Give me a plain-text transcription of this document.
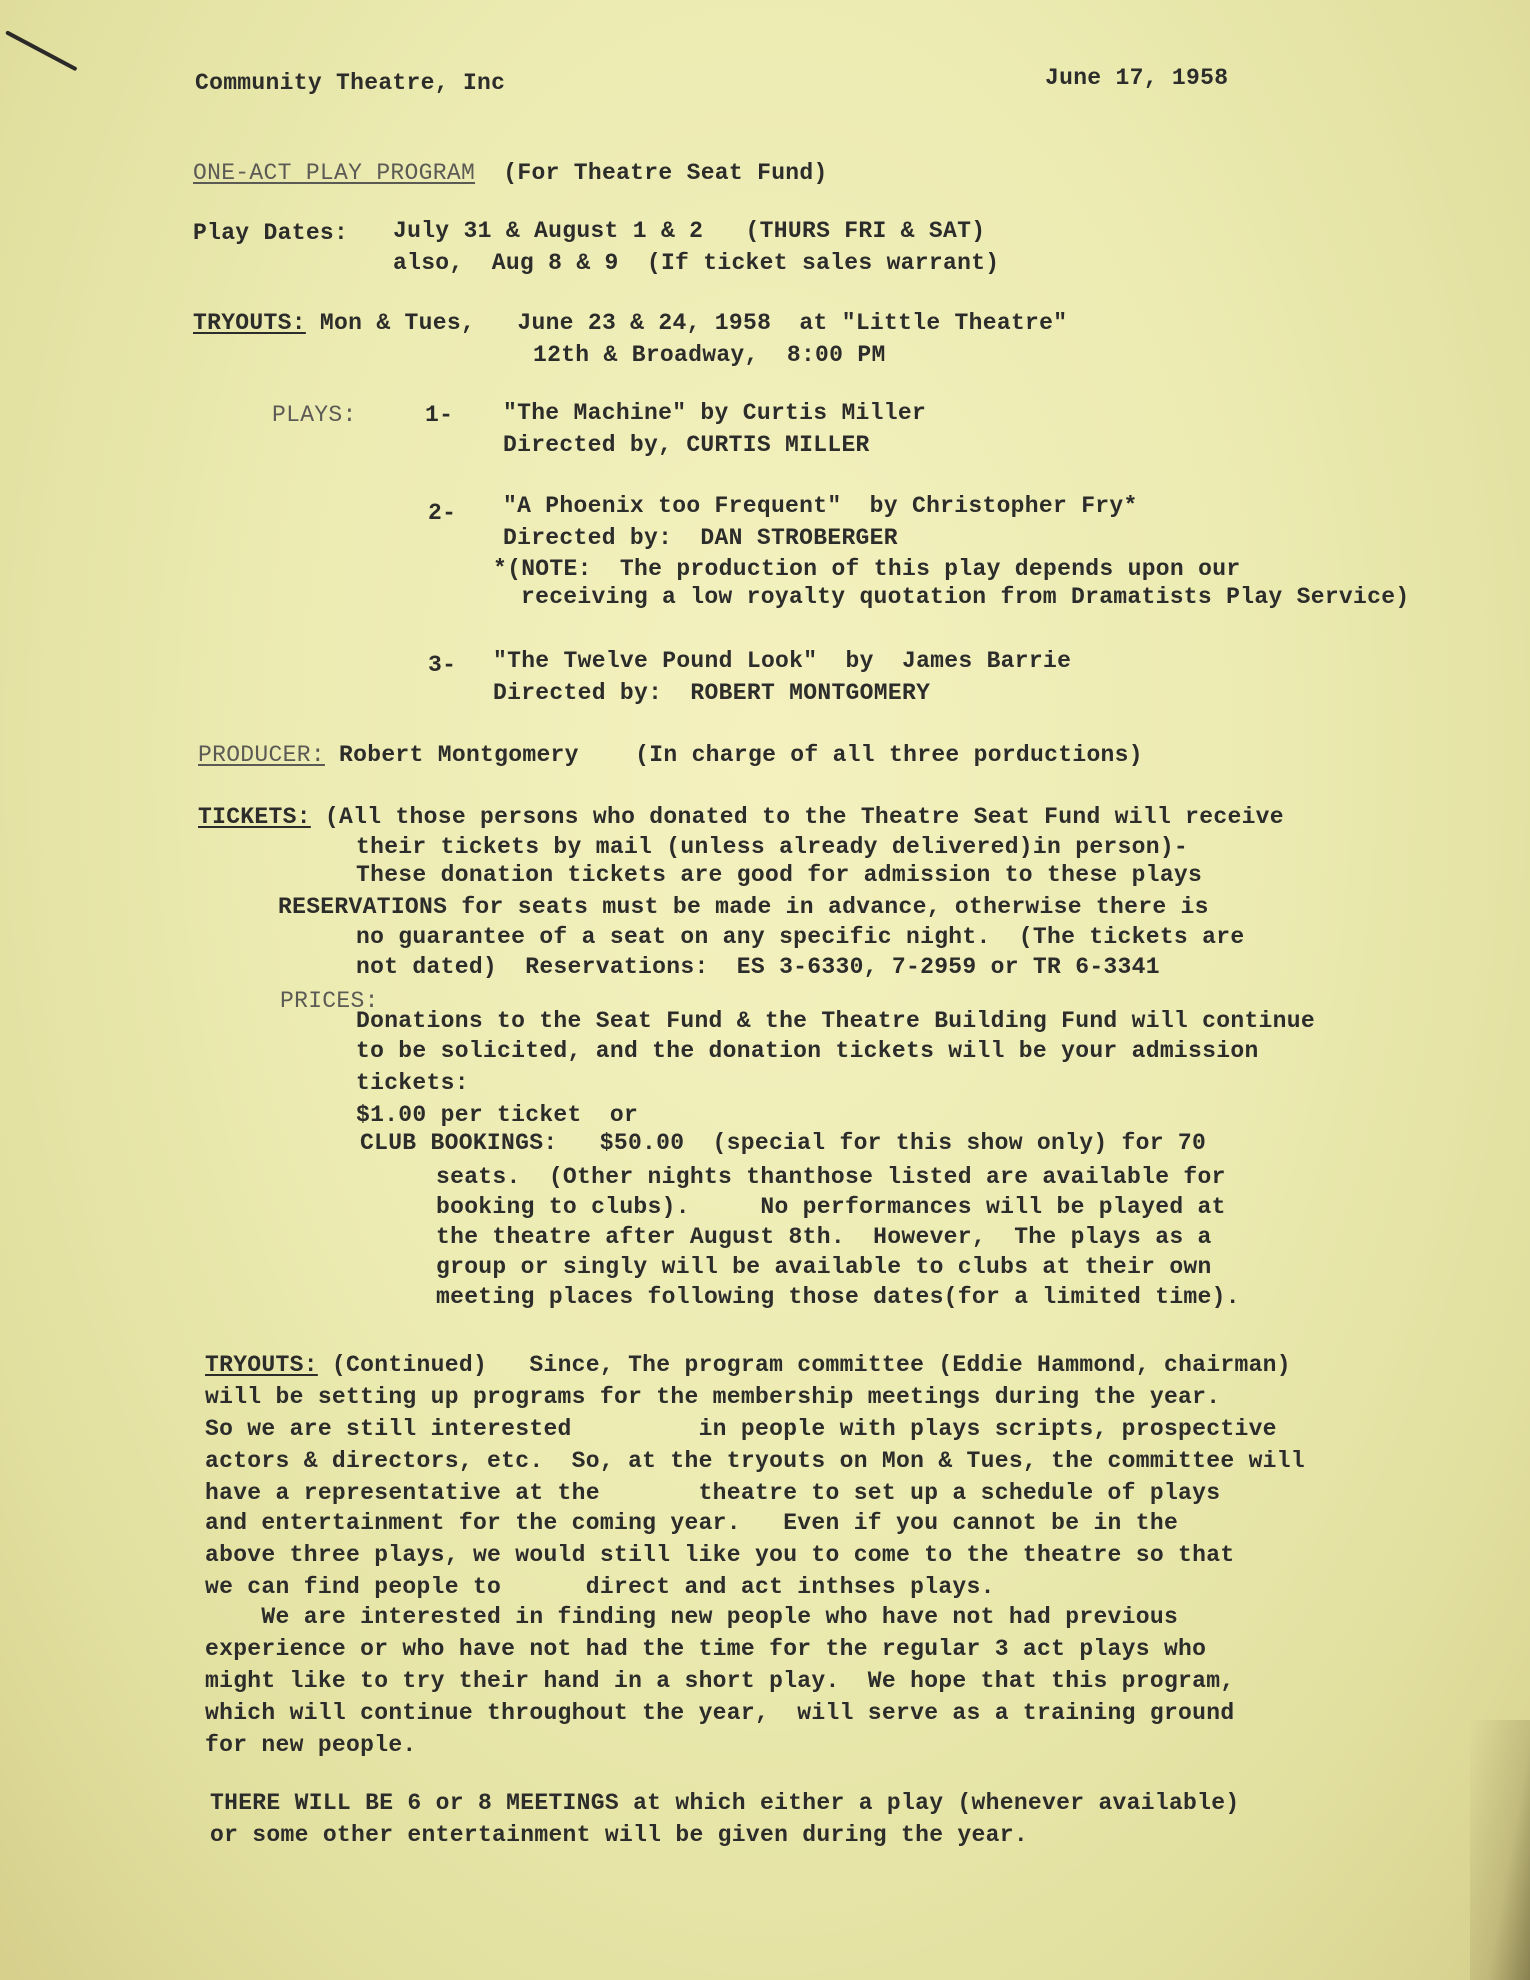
Community Theatre, Inc	June 17, 1958
ONE-ACT PLAY PROGRAM (For Theatre Seat Fund)
Play Dates: July 31 & August 1 & 2   (THURS FRI & SAT)
also,  Aug 8 & 9  (If ticket sales warrant)
TRYOUTS: Mon & Tues,   June 23 & 24, 1958  at "Little Theatre"
12th & Broadway,  8:00 PM
PLAYS:	1- "The Machine" by Curtis Miller
Directed by, CURTIS MILLER
2- "A Phoenix too Frequent"  by Christopher Fry*
Directed by:  DAN STROBERGER
*(NOTE:  The production of this play depends upon our
receiving a low royalty quotation from Dramatists Play Service)
3- "The Twelve Pound Look"  by  James Barrie
Directed by:  ROBERT MONTGOMERY
PRODUCER: Robert Montgomery    (In charge of all three porductions)
TICKETS: (All those persons who donated to the Theatre Seat Fund will receive
their tickets by mail (unless already delivered)in person)-
These donation tickets are good for admission to these plays
RESERVATIONS for seats must be made in advance, otherwise there is
no guarantee of a seat on any specific night.  (The tickets are
not dated)  Reservations:  ES 3-6330, 7-2959 or TR 6-3341
PRICES:
Donations to the Seat Fund & the Theatre Building Fund will continue
to be solicited, and the donation tickets will be your admission
tickets:
$1.00 per ticket  or
CLUB BOOKINGS:   $50.00  (special for this show only) for 70
seats.  (Other nights thanthose listed are available for
booking to clubs).     No performances will be played at
the theatre after August 8th.  However,  The plays as a
group or singly will be available to clubs at their own
meeting places following those dates(for a limited time).
TRYOUTS: (Continued)   Since, The program committee (Eddie Hammond, chairman)
will be setting up programs for the membership meetings during the year.
So we are still interested         in people with plays scripts, prospective
actors & directors, etc.  So, at the tryouts on Mon & Tues, the committee will
have a representative at the       theatre to set up a schedule of plays
and entertainment for the coming year.   Even if you cannot be in the
above three plays, we would still like you to come to the theatre so that
we can find people to      direct and act inthses plays.
We are interested in finding new people who have not had previous
experience or who have not had the time for the regular 3 act plays who
might like to try their hand in a short play.  We hope that this program,
which will continue throughout the year,  will serve as a training ground
for new people.
THERE WILL BE 6 or 8 MEETINGS at which either a play (whenever available)
or some other entertainment will be given during the year.
